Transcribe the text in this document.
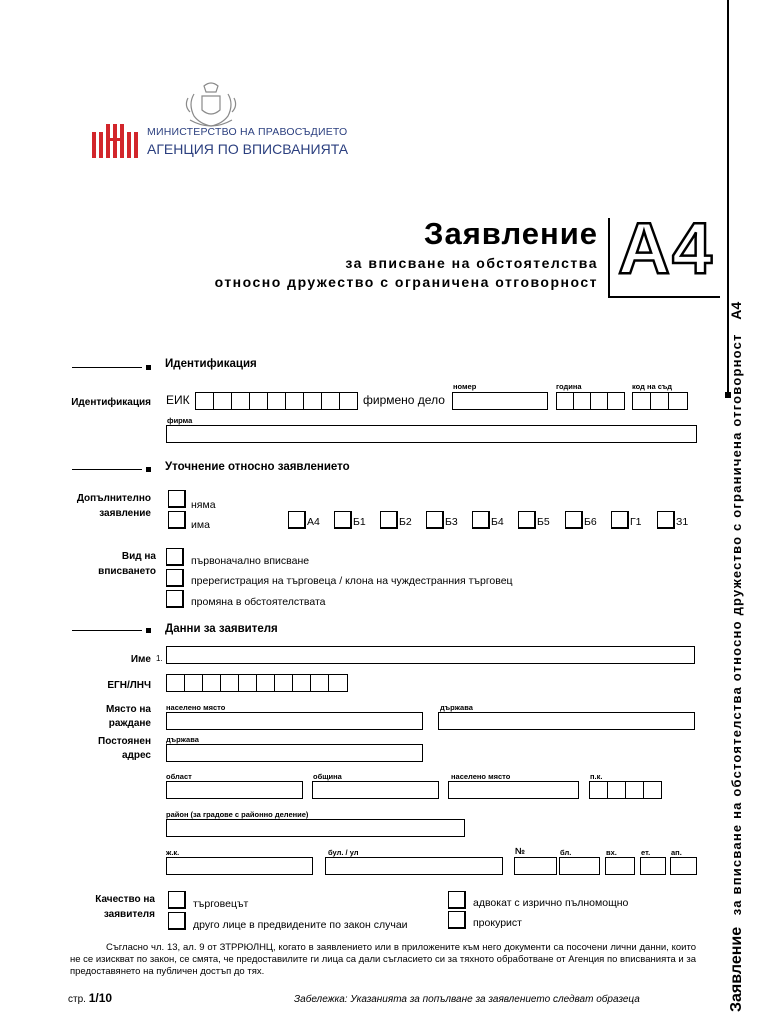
МИНИСТЕРСТВО НА ПРАВОСЪДИЕТО
АГЕНЦИЯ ПО ВПИСВАНИЯТА
Заявление
за вписване на обстоятелства
относно дружество с ограничена отговорност A4
Заявление за вписване на обстоятелства относно дружество с ограничена отговорност A4
Идентификация
Идентификация ЕИК	фирмено дело
номер	година	код на съд
фирма
Уточнение относно заявлението
Допълнително заявление
няма
има	А4	Б1	Б2	Б3	Б4	Б5	Б6	Г1	З1
Вид на вписването
първоначално вписване
пререгистрация на търговеца / клона на чуждестранния търговец
промяна в обстоятелствата
Данни за заявителя
Име 1.
ЕГН/ЛНЧ
Място на раждане
населено място	държава
Постоянен адрес
държава
област	община	населено място	п.к.
район (за градове с районно деление)
ж.к.	бул. / ул	№	бл.	вх.	ет.	ап.
Качество на заявителя
търговецът
друго лице в предвидените по закон случаи
адвокат с изрично пълномощно
прокурист
Съгласно чл. 13, ал. 9 от ЗТРРЮЛНЦ, когато в заявлението или в приложените към него документи са посочени лични данни, които не се изискват по закон, се смята, че предоставилите ги лица са дали съгласието си за тяхното обработване от Агенция по вписванията и за предоставянето на публичен достъп до тях.
стр. 1/10	Забележка: Указанията за попълване за заявлението следват образеца
